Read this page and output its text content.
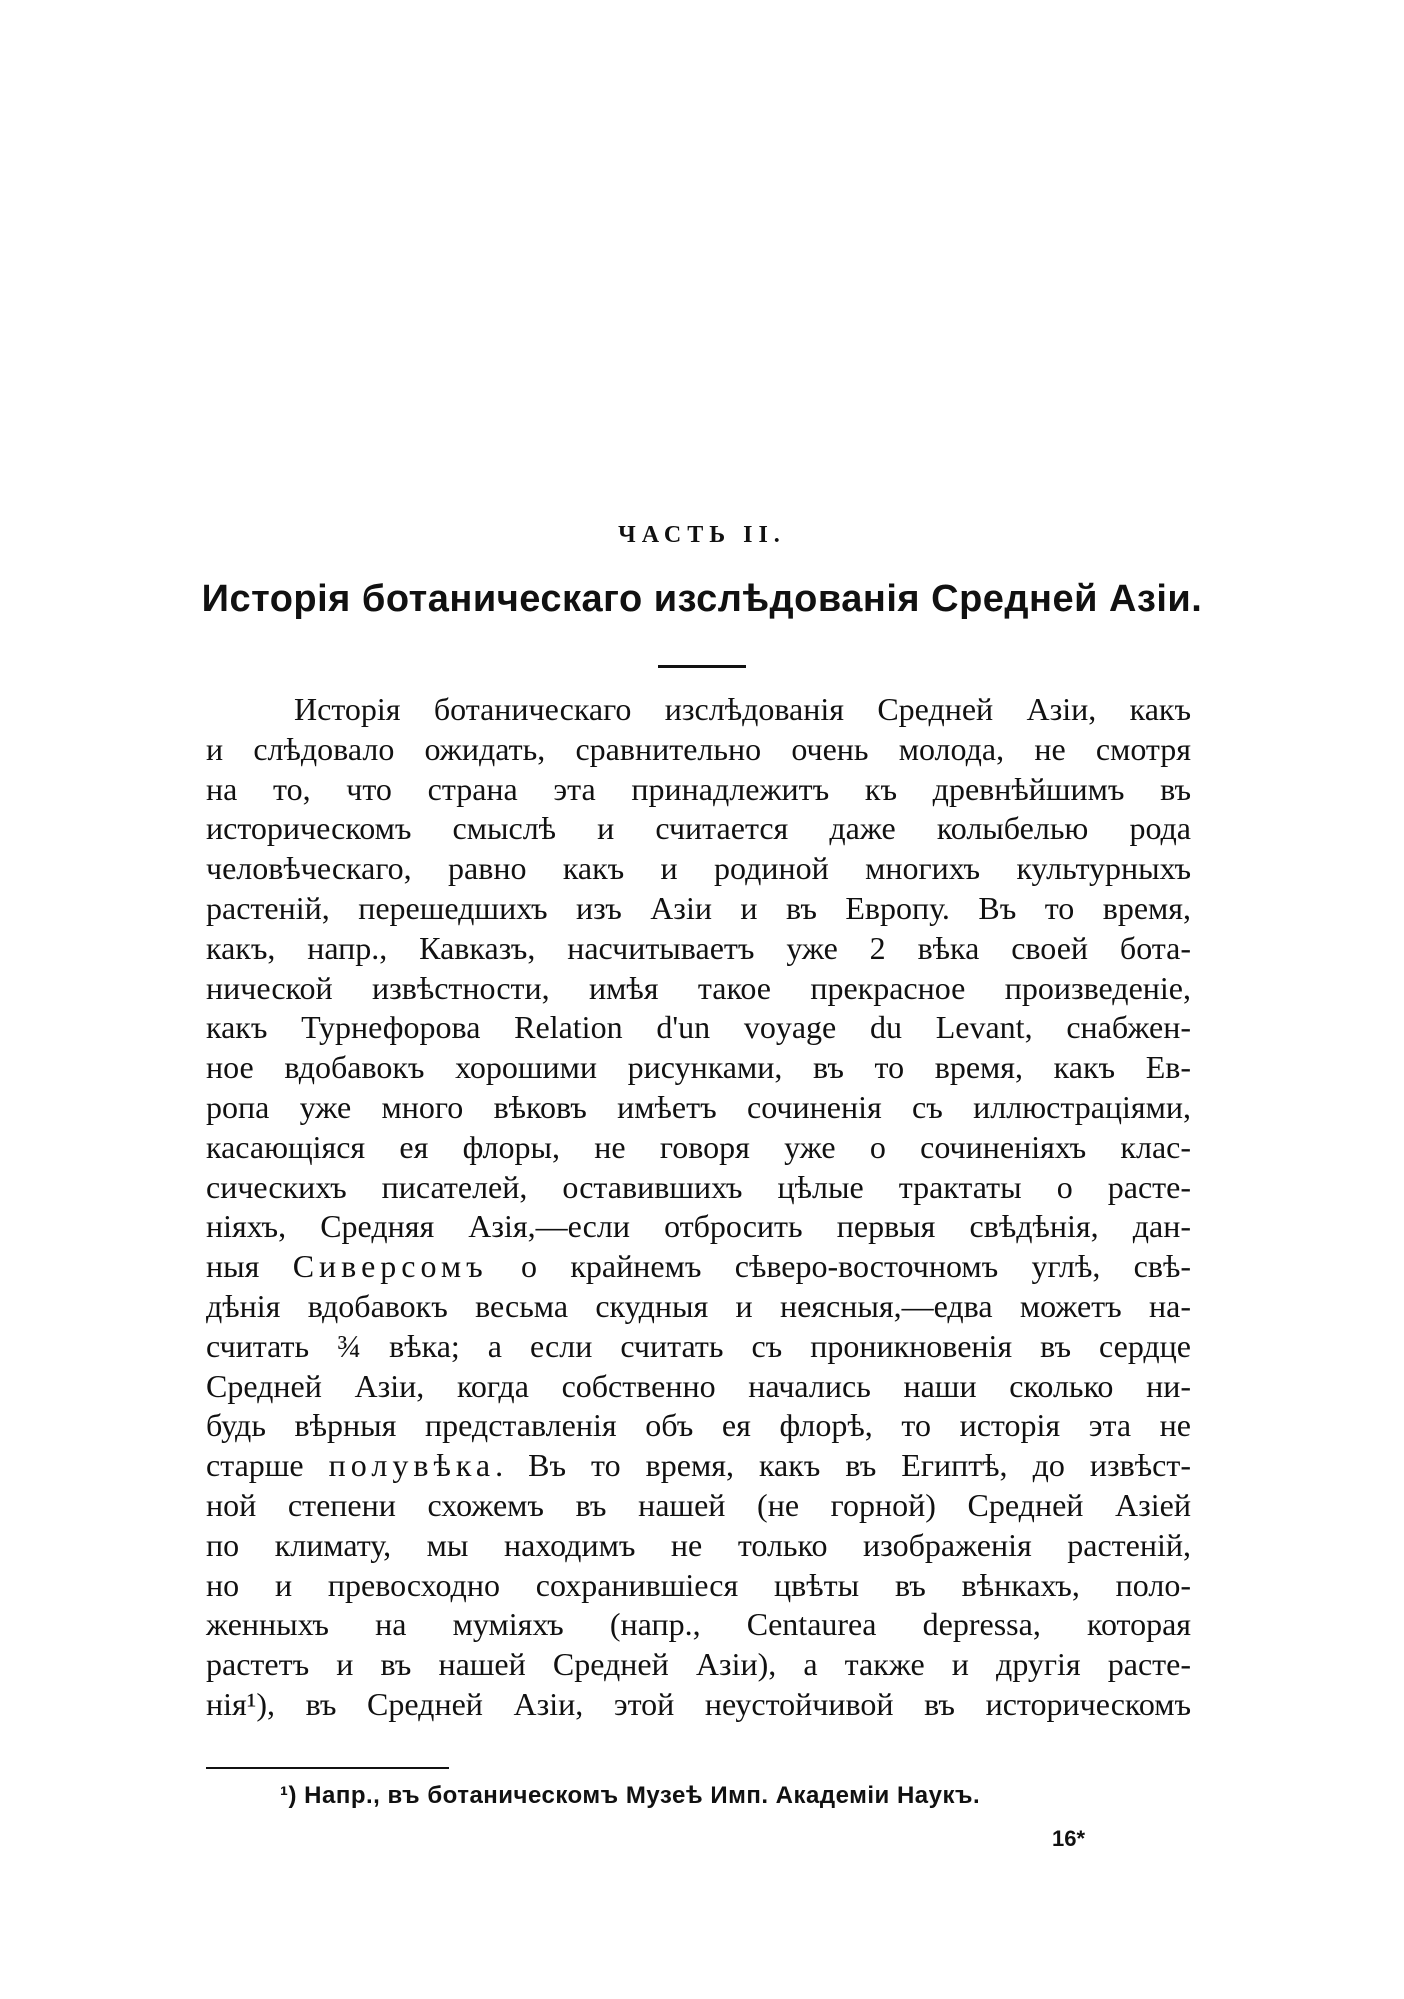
ЧАСТЬ II.
Исторія ботаническаго изслѣдованія Средней Азіи.
Исторія ботаническаго изслѣдованія Средней Азіи, какъ
и слѣдовало ожидать, сравнительно очень молода, не смотря
на то, что страна эта принадлежитъ къ древнѣйшимъ въ
историческомъ смыслѣ и считается даже колыбелью рода
человѣческаго, равно какъ и родиной многихъ культурныхъ
растеній, перешедшихъ изъ Азіи и въ Европу. Въ то время,
какъ, напр., Кавказъ, насчитываетъ уже 2 вѣка своей бота-
нической извѣстности, имѣя такое прекрасное произведеніе,
какъ Турнефорова Relation d'un voyage du Levant, снабжен-
ное вдобавокъ хорошими рисунками, въ то время, какъ Ев-
ропа уже много вѣковъ имѣетъ сочиненія съ иллюстраціями,
касающіяся ея флоры, не говоря уже о сочиненіяхъ клас-
сическихъ писателей, оставившихъ цѣлые трактаты о расте-
ніяхъ, Средняя Азія,—если отбросить первыя свѣдѣнія, дан-
ныя Сиверсомъ о крайнемъ сѣверо-восточномъ углѣ, свѣ-
дѣнія вдобавокъ весьма скудныя и неясныя,—едва можетъ на-
считать ¾ вѣка; а если считать съ проникновенія въ сердце
Средней Азіи, когда собственно начались наши сколько ни-
будь вѣрныя представленія объ ея флорѣ, то исторія эта не
старше полувѣка. Въ то время, какъ въ Египтѣ, до извѣст-
ной степени схожемъ въ нашей (не горной) Средней Азіей
по климату, мы находимъ не только изображенія растеній,
но и превосходно сохранившіеся цвѣты въ вѣнкахъ, поло-
женныхъ на муміяхъ (напр., Centaurea depressa, которая
растетъ и въ нашей Средней Азіи), а также и другія расте-
нія¹), въ Средней Азіи, этой неустойчивой въ историческомъ
¹) Напр., въ ботаническомъ Музеѣ Имп. Академіи Наукъ.
16*
